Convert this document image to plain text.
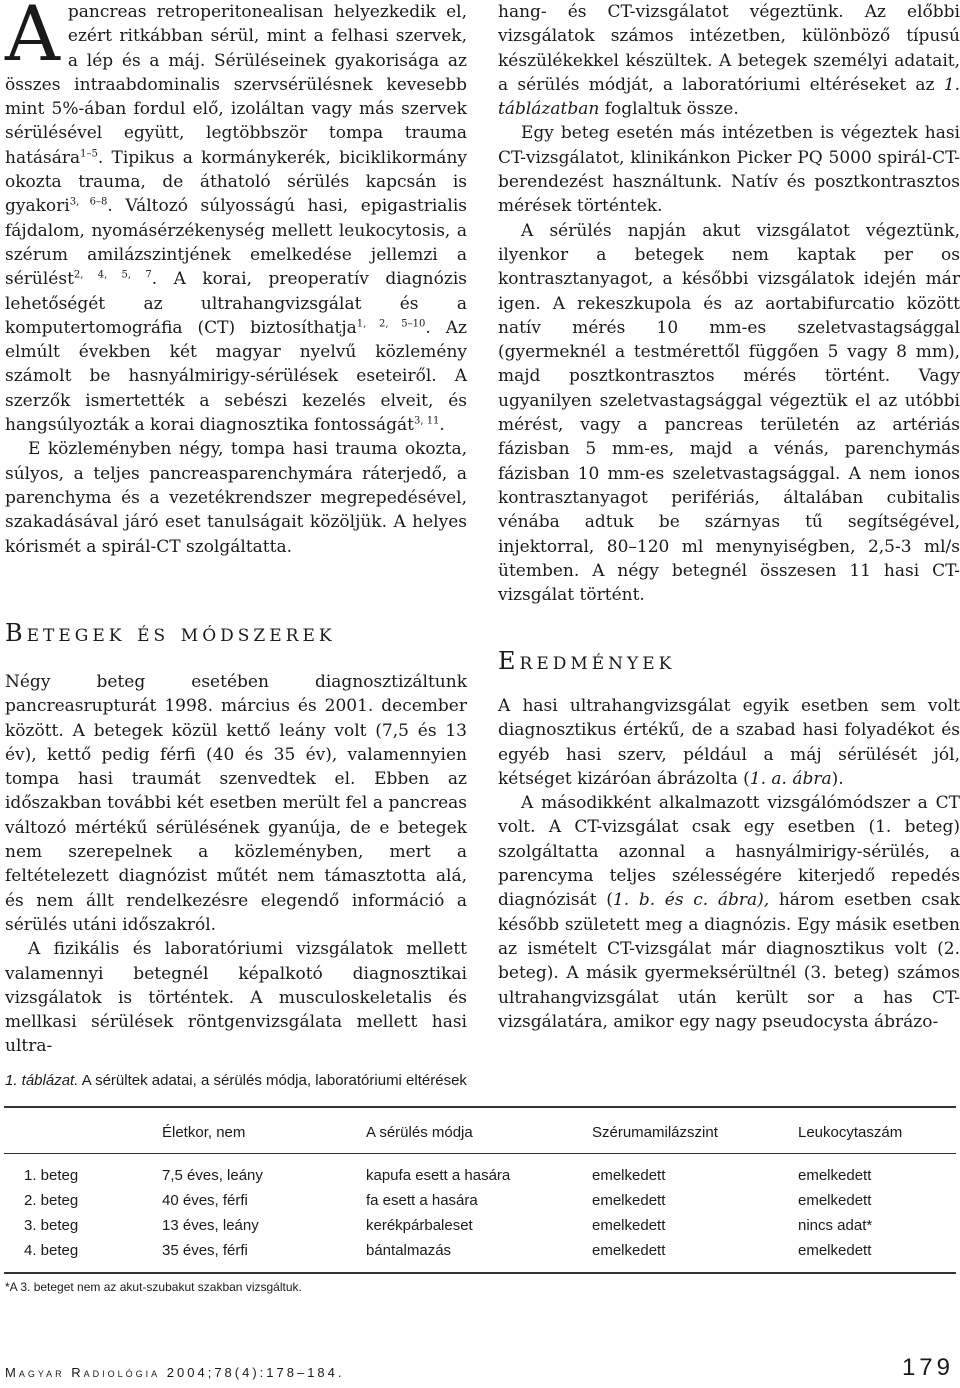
Apancreas retroperitonealisan helyezkedik el, ezért ritkábban sérül, mint a felhasi szervek, a lép és a máj. Sérüléseinek gyakorisága az összes intraabdominalis szervsérülésnek kevesebb mint 5%-ában fordul elő, izoláltan vagy más szervek sérülésével együtt, legtöbbször tompa trauma hatására$^{1-5}$. Tipikus a kormánykerék, biciklikormány okozta trauma, de áthatoló sérülés kapcsán is gyakori$^{3, 6-8}$. Változó súlyosságú hasi, epigastrialis fájdalom, nyomásérzékenység mellett leukocytosis, a szérum amilázszintjének emelkedése jellemzi a sérülést$^{2, 4, 5, 7}$. A korai, preoperatív diagnózis lehetőségét az ultrahangvizsgálat és a komputertomográfia (CT) biztosíthatja$^{1, 2, 5-10}$. Az elmúlt években két magyar nyelvű közlemény számolt be hasnyálmirigy-sérülések eseteiről. A szerzők ismertették a sebészi kezelés elveit, és hangsúlyozták a korai diagnosztika fontosságát$^{3, 11}$.

E közleményben négy, tompa hasi trauma okozta, súlyos, a teljes pancreasparenchymára ráterjedő, a parenchyma és a vezetékrendszer megrepedésével, szakadásával járó eset tanulságait közöljük. A helyes kórismét a spirál-CT szolgáltatta.

Betegek és módszerek

Négy beteg esetében diagnosztizáltunk pancreasrupturát 1998. március és 2001. december között. A betegek közül kettő leány volt (7,5 és 13 év), kettő pedig férfi (40 és 35 év), valamennyien tompa hasi traumát szenvedtek el. Ebben az időszakban további két esetben merült fel a pancreas változó mértékű sérülésének gyanúja, de e betegek nem szerepelnek a közleményben, mert a feltételezett diagnózist műtét nem támasztotta alá, és nem állt rendelkezésre elegendő információ a sérülés utáni időszakról.

A fizikális és laboratóriumi vizsgálatok mellett valamennyi betegnél képalkotó diagnosztikai vizsgálatok is történtek. A musculoskeletalis és mellkasi sérülések röntgenvizsgálata mellett hasi ultra-

hang- és CT-vizsgálatot végeztünk. Az előbbi vizsgálatok számos intézetben, különböző típusú készülékekkel készültek. A betegek személyi adatait, a sérülés módját, a laboratóriumi eltéréseket az 1. táblázatban foglaltuk össze.

Egy beteg esetén más intézetben is végeztek hasi CT-vizsgálatot, klinikánkon Picker PQ 5000 spirál-CT-berendezést használtunk. Natív és posztkontrasztos mérések történtek.

A sérülés napján akut vizsgálatot végeztünk, ilyenkor a betegek nem kaptak per os kontrasztanyagot, a későbbi vizsgálatok idején már igen. A rekeszkupola és az aortabifurcatio között natív mérés 10 mm-es szeletvastagsággal (gyermeknél a testmérettől függően 5 vagy 8 mm), majd posztkontrasztos mérés történt. Vagy ugyanilyen szeletvastagsággal végeztük el az utóbbi mérést, vagy a pancreas területén az artériás fázisban 5 mm-es, majd a vénás, parenchymás fázisban 10 mm-es szeletvastagsággal. A nem ionos kontrasztanyagot perifériás, általában cubitalis vénába adtuk be szárnyas tű segítségével, injektorral, 80–120 ml menynyiségben, 2,5-3 ml/s ütemben. A négy betegnél összesen 11 hasi CT-vizsgálat történt.

Eredmények

A hasi ultrahangvizsgálat egyik esetben sem volt diagnosztikus értékű, de a szabad hasi folyadékot és egyéb hasi szerv, például a máj sérülését jól, kétséget kizáróan ábrázolta (1. a. ábra).

A másodikként alkalmazott vizsgálómódszer a CT volt. A CT-vizsgálat csak egy esetben (1. beteg) szolgáltatta azonnal a hasnyálmirigy-sérülés, a parencyma teljes szélességére kiterjedő repedés diagnózisát (1. b. és c. ábra), három esetben csak később született meg a diagnózis. Egy másik esetben az ismételt CT-vizsgálat már diagnosztikus volt (2. beteg). A másik gyermeksérültnél (3. beteg) számos ultrahangvizsgálat után került sor a has CT-vizsgálatára, amikor egy nagy pseudocysta ábrázo-

1. táblázat. A sérültek adatai, a sérülés módja, laboratóriumi eltérések
	Életkor, nem	A sérülés módja	Szérumamilázszint	Leukocytaszám
1. beteg	7,5 éves, leány	kapufa esett a hasára	emelkedett	emelkedett
2. beteg	40 éves, férfi	fa esett a hasára	emelkedett	emelkedett
3. beteg	13 éves, leány	kerékpárbaleset	emelkedett	nincs adat*
4. beteg	35 éves, férfi	bántalmazás	emelkedett	emelkedett
*A 3. beteget nem az akut-szubakut szakban vizsgáltuk.
Magyar Radiológia 2004;78(4):178–184.	179
